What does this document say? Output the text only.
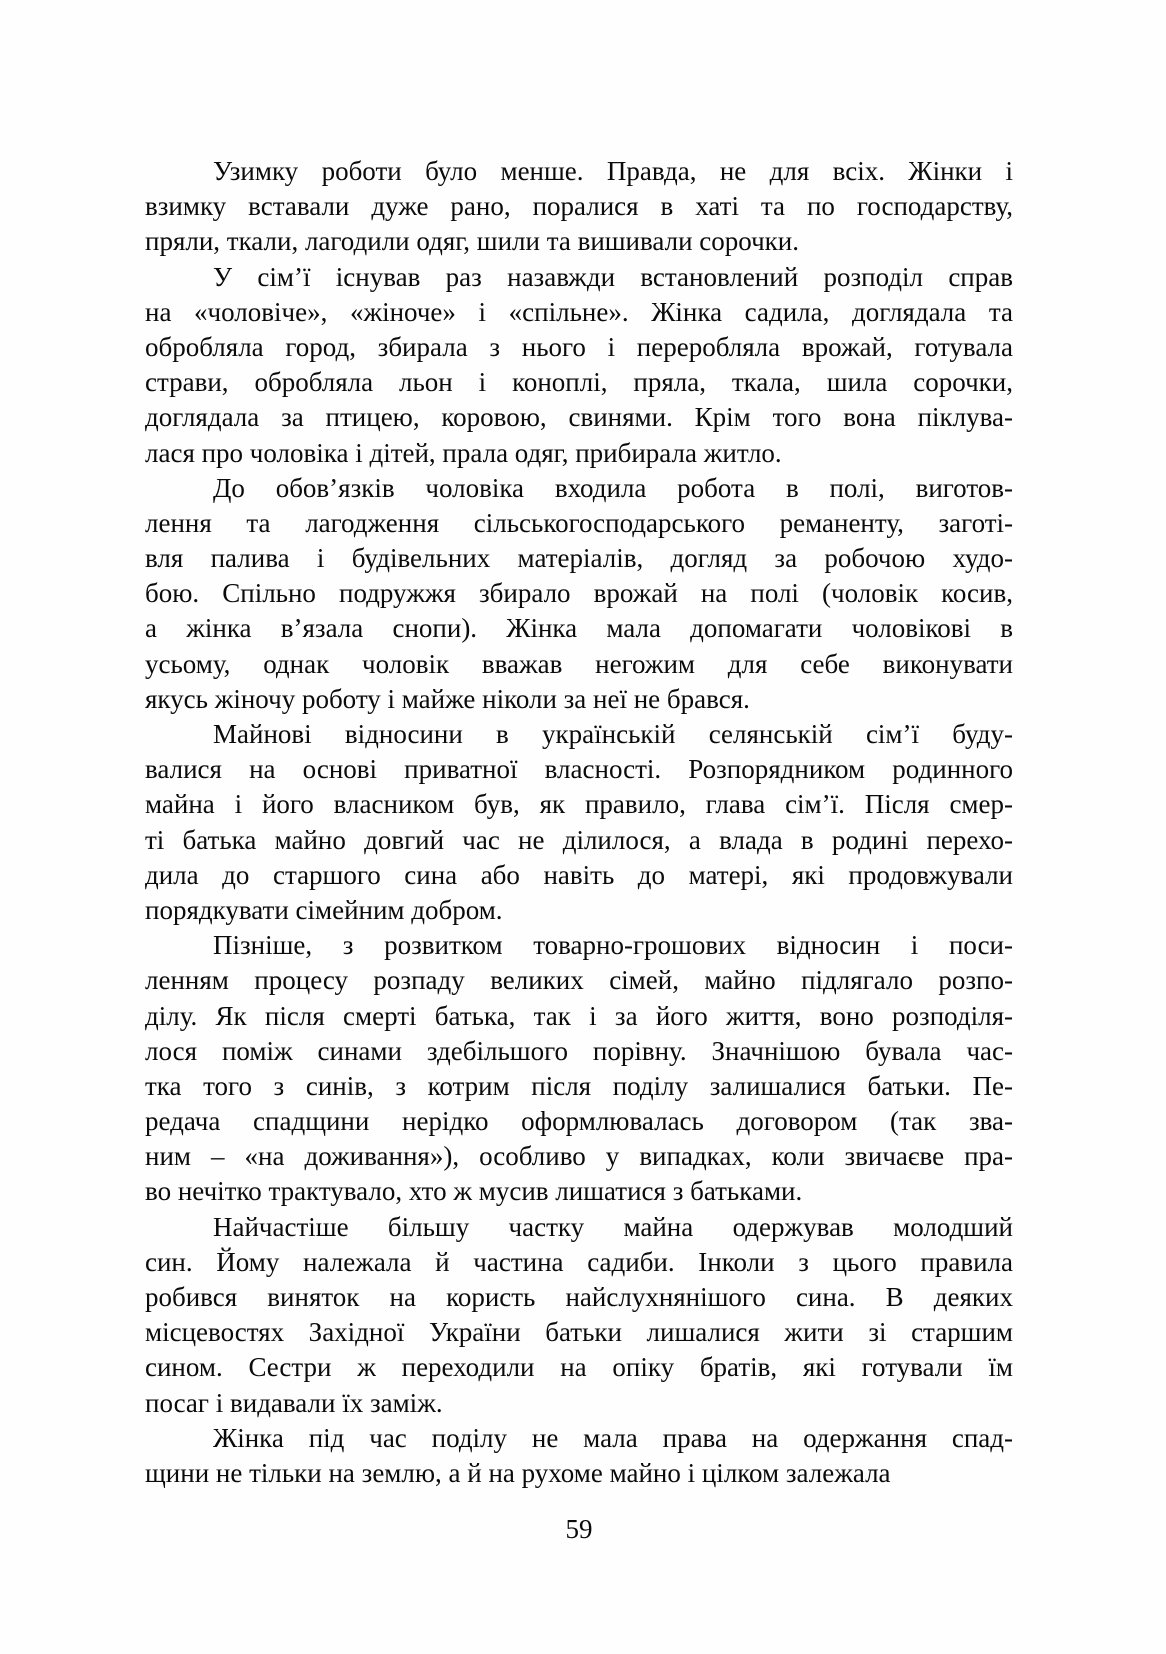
Узимку роботи було менше. Правда, не для всіх. Жінки і
взимку вставали дуже рано, поралися в хаті та по господарству,
пряли, ткали, лагодили одяг, шили та вишивали сорочки.
У сім’ї існував раз назавжди встановлений розподіл справ
на «чоловіче», «жіноче» і «спільне». Жінка садила, доглядала та
обробляла город, збирала з нього і переробляла врожай, готувала
страви, обробляла льон і коноплі, пряла, ткала, шила сорочки,
доглядала за птицею, коровою, свинями. Крім того вона піклува-
лася про чоловіка і дітей, прала одяг, прибирала житло.
До обов’язків чоловіка входила робота в полі, виготов-
лення та лагодження сільськогосподарського реманенту, заготі-
вля палива і будівельних матеріалів, догляд за робочою худо-
бою. Спільно подружжя збирало врожай на полі (чоловік косив,
а жінка в’язала снопи). Жінка мала допомагати чоловікові в
усьому, однак чоловік вважав негожим для себе виконувати
якусь жіночу роботу і майже ніколи за неї не брався.
Майнові відносини в українській селянській сім’ї буду-
валися на основі приватної власності. Розпорядником родинного
майна і його власником був, як правило, глава сім’ї. Після смер-
ті батька майно довгий час не ділилося, а влада в родині перехо-
дила до старшого сина або навіть до матері, які продовжували
порядкувати сімейним добром.
Пізніше, з розвитком товарно-грошових відносин і поси-
ленням процесу розпаду великих сімей, майно підлягало розпо-
ділу. Як після смерті батька, так і за його життя, воно розподіля-
лося поміж синами здебільшого порівну. Значнішою бувала час-
тка того з синів, з котрим після поділу залишалися батьки. Пе-
редача спадщини нерідко оформлювалась договором (так зва-
ним – «на доживання»), особливо у випадках, коли звичаєве пра-
во нечітко трактувало, хто ж мусив лишатися з батьками.
Найчастіше більшу частку майна одержував молодший
син. Йому належала й частина садиби. Інколи з цього правила
робився виняток на користь найслухнянішого сина. В деяких
місцевостях Західної України батьки лишалися жити зі старшим
сином. Сестри ж переходили на опіку братів, які готували їм
посаг і видавали їх заміж.
Жінка під час поділу не мала права на одержання спад-
щини не тільки на землю, а й на рухоме майно і цілком залежала
59
